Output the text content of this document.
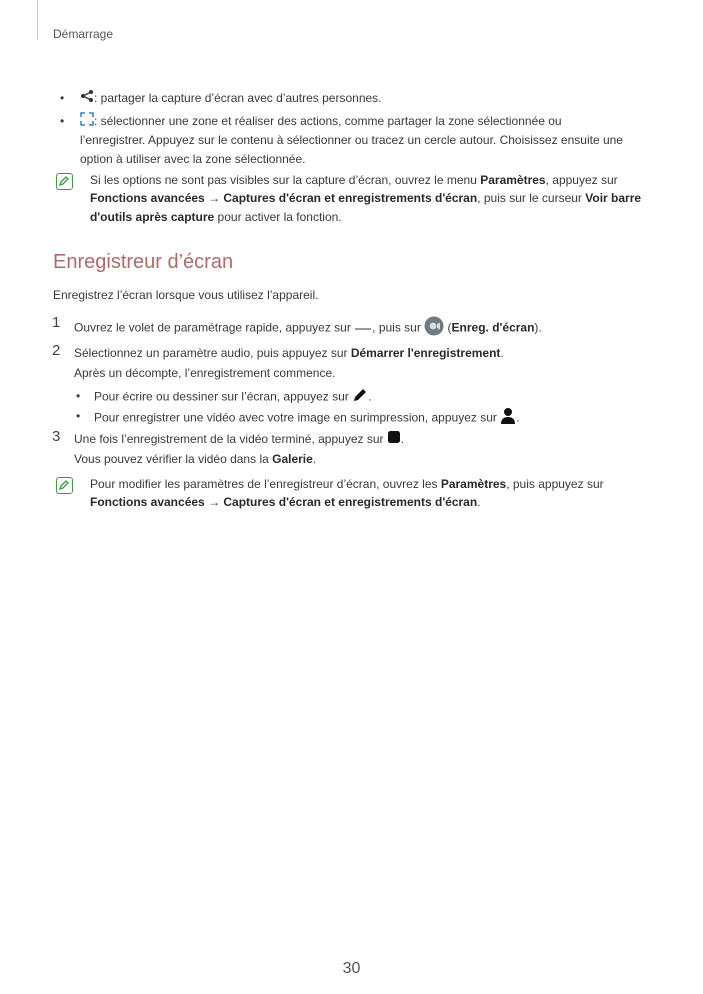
Démarrage
•	: partager la capture d’écran avec d’autres personnes.
•	: sélectionner une zone et réaliser des actions, comme partager la zone sélectionnée ou
l’enregistrer. Appuyez sur le contenu à sélectionner ou tracez un cercle autour. Choisissez ensuite une
option à utiliser avec la zone sélectionnée.
Si les options ne sont pas visibles sur la capture d’écran, ouvrez le menu Paramètres, appuyez sur
Fonctions avancées → Captures d'écran et enregistrements d'écran, puis sur le curseur Voir barre
d'outils après capture pour activer la fonction.
Enregistreur d’écran
Enregistrez l’écran lorsque vous utilisez l’appareil.
1 Ouvrez le volet de paramétrage rapide, appuyez sur , puis sur  (Enreg. d'écran).
2 Sélectionnez un paramètre audio, puis appuyez sur Démarrer l'enregistrement.
Après un décompte, l’enregistrement commence.
• Pour écrire ou dessiner sur l’écran, appuyez sur .
• Pour enregistrer une vidéo avec votre image en surimpression, appuyez sur .
3 Une fois l’enregistrement de la vidéo terminé, appuyez sur .
Vous pouvez vérifier la vidéo dans la Galerie.
Pour modifier les paramètres de l’enregistreur d’écran, ouvrez les Paramètres, puis appuyez sur
Fonctions avancées → Captures d'écran et enregistrements d'écran.
30
